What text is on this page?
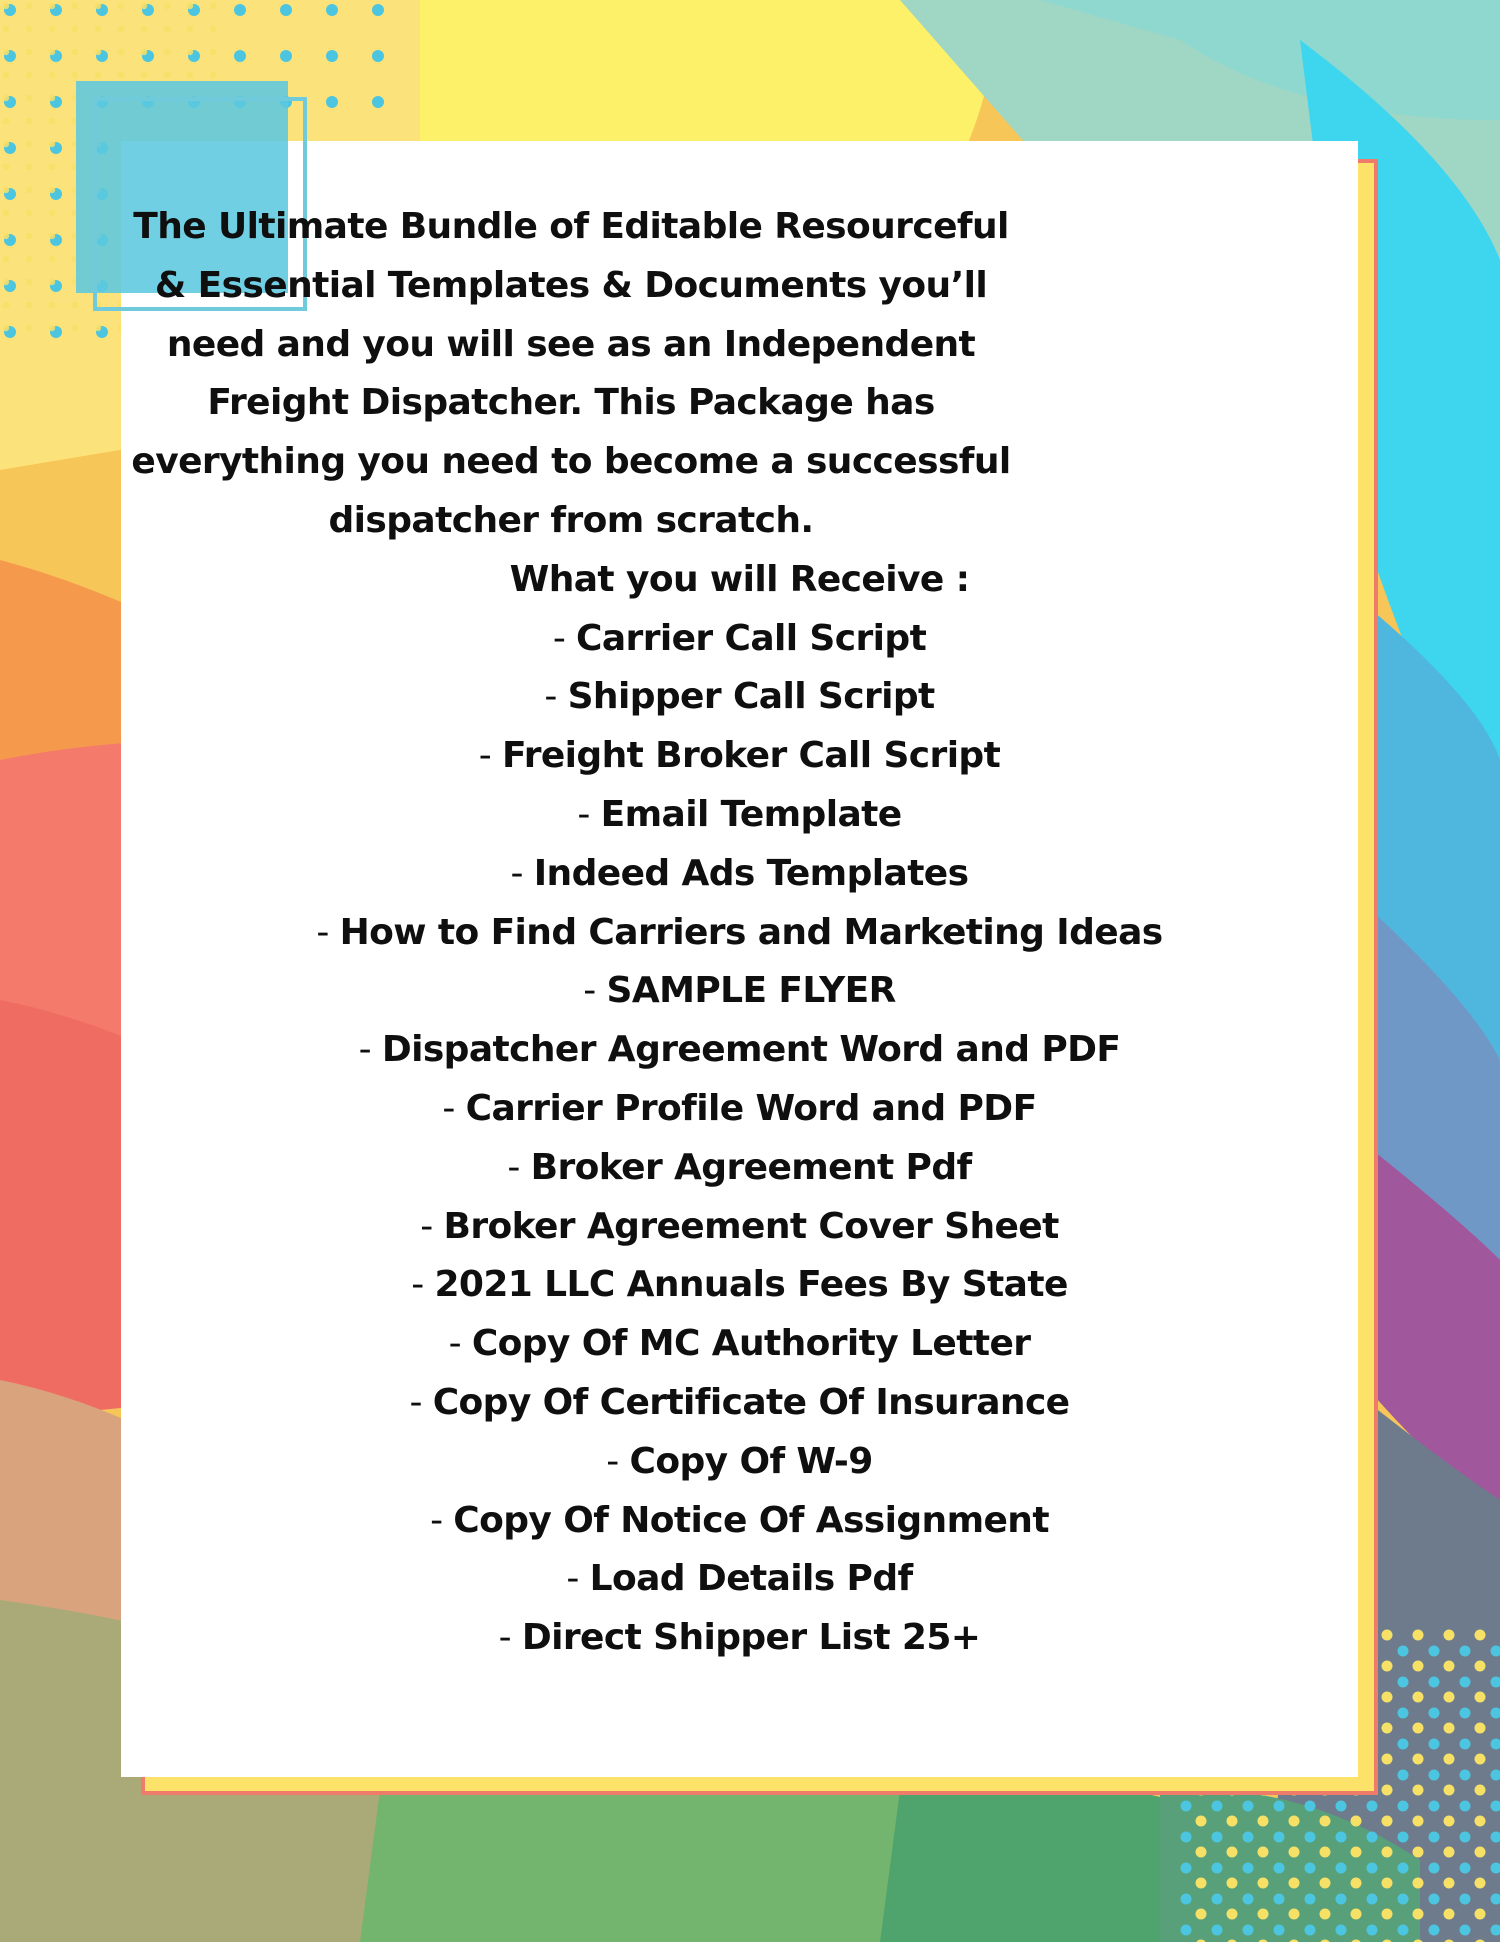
The Ultimate Bundle of Editable Resourceful & Essential Templates & Documents you’ll need and you will see as an Independent Freight Dispatcher. This Package has everything you need to become a successful dispatcher from scratch.

What you will Receive :

- Carrier Call Script
- Shipper Call Script
- Freight Broker Call Script
- Email Template
- Indeed Ads Templates
- How to Find Carriers and Marketing Ideas
- SAMPLE FLYER
- Dispatcher Agreement Word and PDF
- Carrier Profile Word and PDF
- Broker Agreement Pdf
- Broker Agreement Cover Sheet
- 2021 LLC Annuals Fees By State
- Copy Of MC Authority Letter
- Copy Of Certificate Of Insurance
- Copy Of W-9
- Copy Of Notice Of Assignment
- Load Details Pdf
- Direct Shipper List 25+
